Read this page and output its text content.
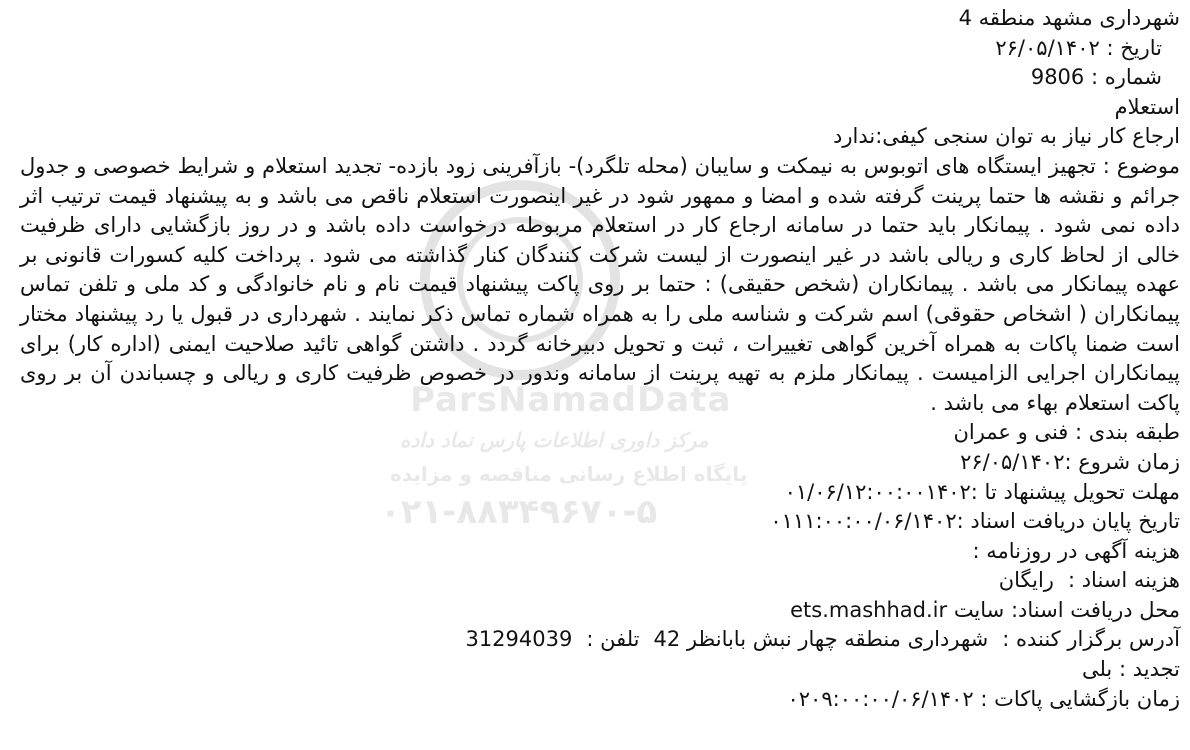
ParsNamadData
مرکز داوری اطلاعات پارس نماد داده
پایگاه اطلاع رسانی مناقصه و مزایده
۰۲۱-۸۸۳۴۹۶۷۰-۵
شهرداری مشهد منطقه 4
تاریخ : ۲۶/۰۵/۱۴۰۲
شماره : 9806
استعلام
ارجاع کار نیاز به توان سنجی کیفی:ندارد
موضوع : تجهیز ایستگاه های اتوبوس به نیمکت و سایبان (محله تلگرد)- بازآفرینی زود بازده- تجدید استعلام و شرایط خصوصی و جدول جرائم و نقشه ها حتما پرینت گرفته شده و امضا و ممهور شود در غیر اینصورت استعلام ناقص می باشد و به پیشنهاد قیمت ترتیب اثر داده نمی شود . پیمانکار باید حتما در سامانه ارجاع کار در استعلام مربوطه درخواست داده باشد و در روز بازگشایی دارای ظرفیت خالی از لحاظ کاری و ریالی باشد در غیر اینصورت از لیست شرکت کنندگان کنار گذاشته می شود . پرداخت کلیه کسورات قانونی بر عهده پیمانکار می باشد . پیمانکاران (شخص حقیقی) : حتما بر روی پاکت پیشنهاد قیمت نام و نام خانوادگی و کد ملی و تلفن تماس پیمانکاران ( اشخاص حقوقی) اسم شرکت و شناسه ملی را به همراه شماره تماس ذکر نمایند . شهرداری در قبول یا رد پیشنهاد مختار است ضمنا پاکات به همراه آخرین گواهی تغییرات ، ثبت و تحویل دبیرخانه گردد . داشتن گواهی تائید صلاحیت ایمنی (اداره کار) برای پیمانکاران اجرایی الزامیست . پیمانکار ملزم به تهیه پرینت از سامانه وندور در خصوص ظرفیت کاری و ریالی و چسباندن آن بر روی پاکت استعلام بهاء می باشد .
طبقه بندی : فنی و عمران
زمان شروع :۲۶/۰۵/۱۴۰۲
مهلت تحویل پیشنهاد تا :۰۱/۰۶/۱۲:۰۰:۰۰۱۴۰۲
تاریخ پایان دریافت اسناد :۰۱۱۱:۰۰:۰۰/۰۶/۱۴۰۲
هزینه آگهی در روزنامه :
هزینه اسناد :رایگان
محل دریافت اسناد: سایت ets.mashhad.ir
آدرس برگزار کننده :شهرداری منطقه چهار نبش بابانظر 42تلفن :31294039
تجدید : بلی
زمان بازگشایی پاکات : ۰۲۰۹:۰۰:۰۰/۰۶/۱۴۰۲
